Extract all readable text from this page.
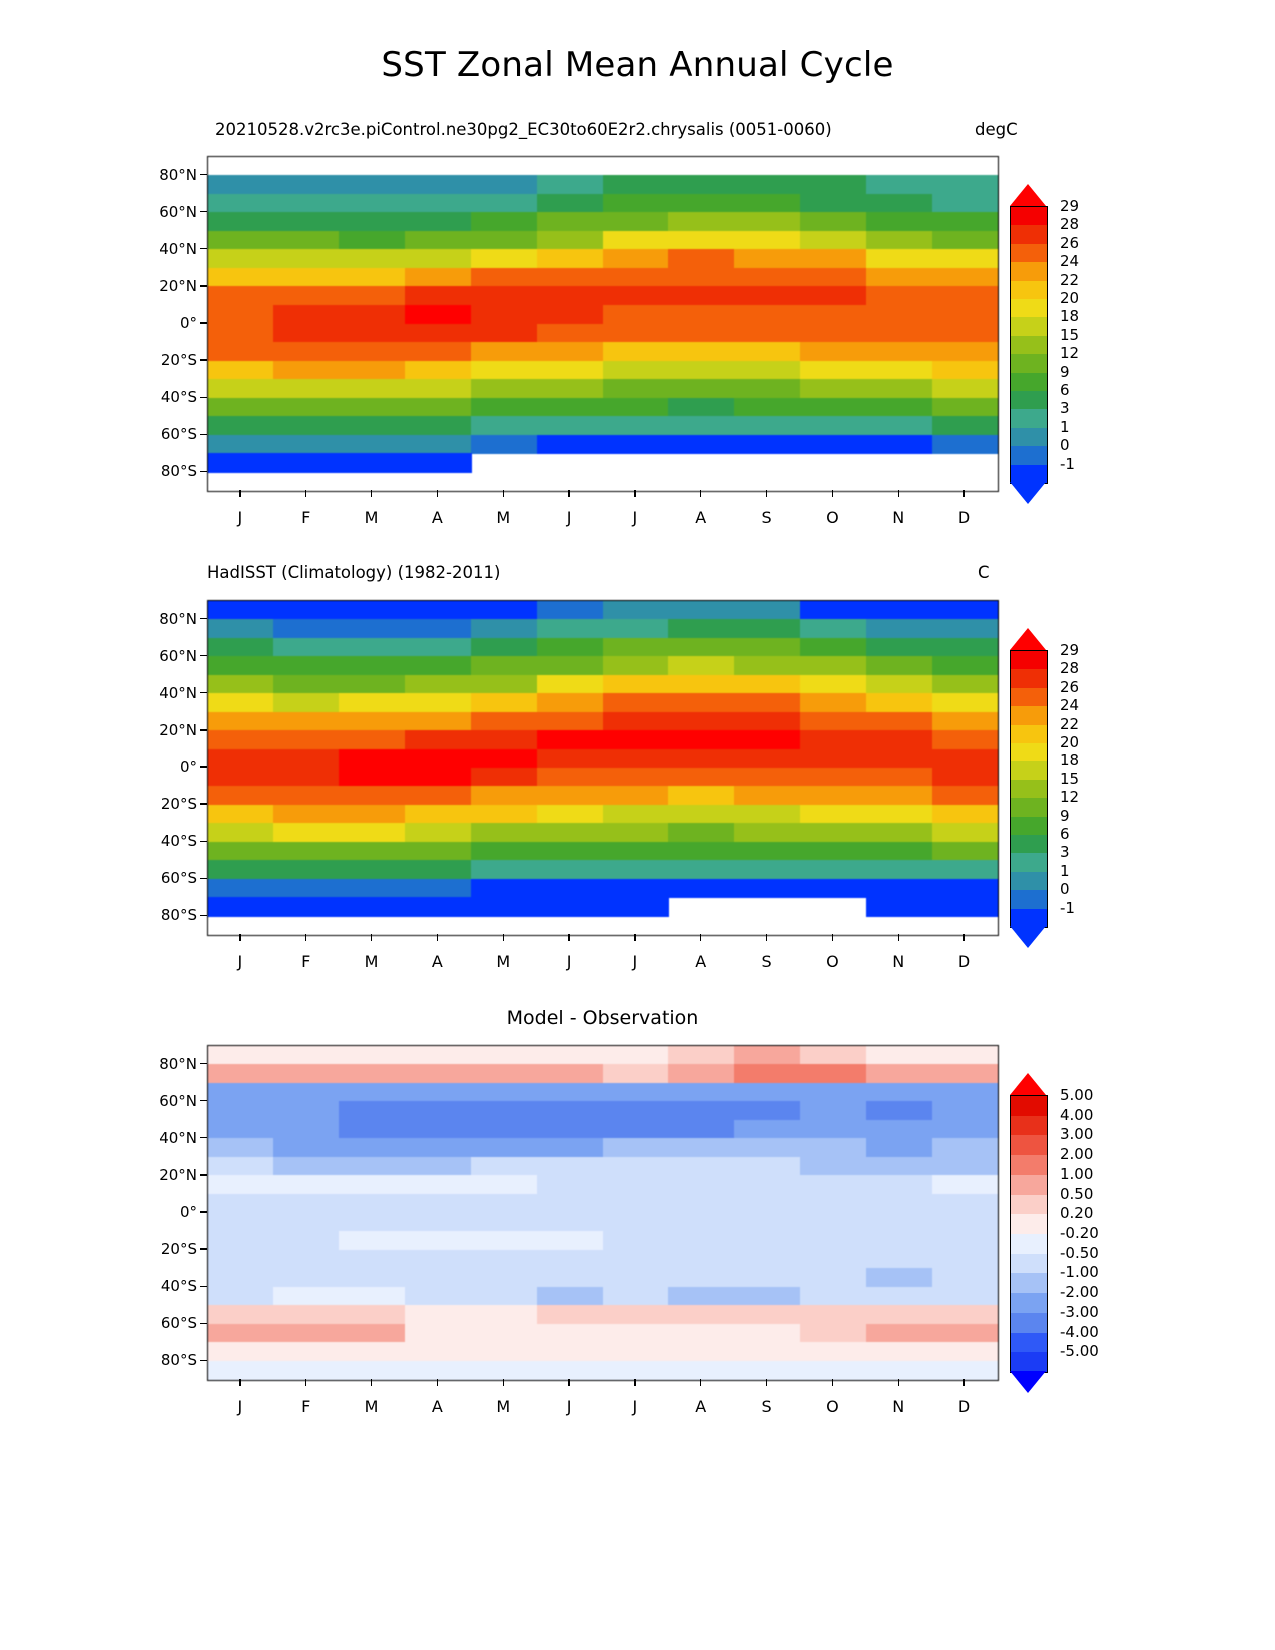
SST Zonal Mean Annual Cycle
20210528.v2rc3e.piControl.ne30pg2_EC30to60E2r2.chrysalis (0051-0060)	degC
80°N
60°N
40°N
20°N
0°
20°S
40°S
60°S
80°S
J	F	M	A	M	J	J	A	S	O	N	D
29
28
26
24
22
20
18
15
12
9
6
3
1
0
-1
HadISST (Climatology) (1982-2011)	C
80°N
60°N
40°N
20°N
0°
20°S
40°S
60°S
80°S
J	F	M	A	M	J	J	A	S	O	N	D
29
28
26
24
22
20
18
15
12
9
6
3
1
0
-1
Model - Observation
80°N
60°N
40°N
20°N
0°
20°S
40°S
60°S
80°S
J	F	M	A	M	J	J	A	S	O	N	D
5.00
4.00
3.00
2.00
1.00
0.50
0.20
-0.20
-0.50
-1.00
-2.00
-3.00
-4.00
-5.00
